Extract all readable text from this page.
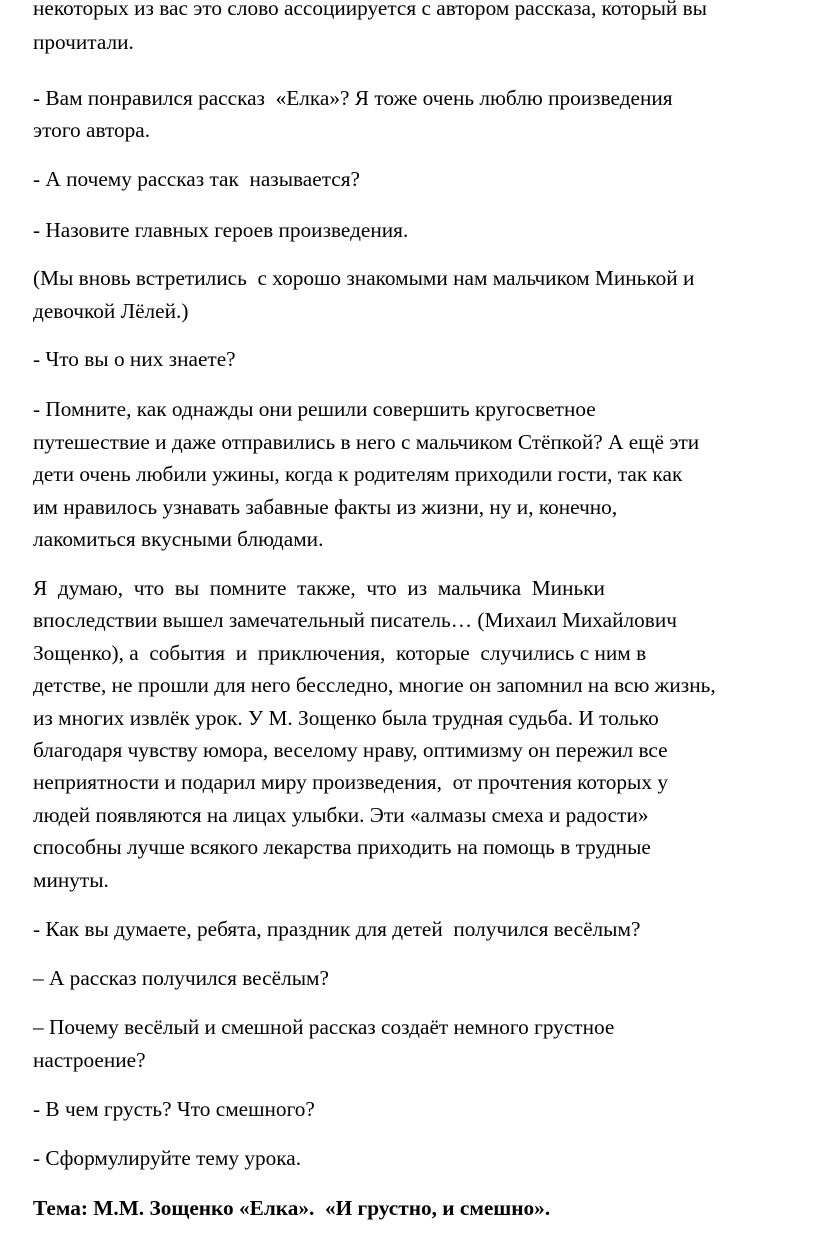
некоторых из вас это слово ассоциируется с автором рассказа, который вы
прочитали.
- Вам понравился рассказ  «Елка»? Я тоже очень люблю произведения
этого автора.
- А почему рассказ так  называется?
- Назовите главных героев произведения.
(Мы вновь встретились  с хорошо знакомыми нам мальчиком Минькой и
девочкой Лёлей.)
- Что вы о них знаете?
- Помните, как однажды они решили совершить кругосветное
путешествие и даже отправились в него с мальчиком Стёпкой? А ещё эти
дети очень любили ужины, когда к родителям приходили гости, так как
им нравилось узнавать забавные факты из жизни, ну и, конечно,
лакомиться вкусными блюдами.
Я  думаю,  что  вы  помните  также,  что  из  мальчика  Миньки
впоследствии вышел замечательный писатель… (Михаил Михайлович
Зощенко), а  события  и  приключения,  которые  случились с ним в
детстве, не прошли для него бесследно, многие он запомнил на всю жизнь,
из многих извлёк урок. У М. Зощенко была трудная судьба. И только
благодаря чувству юмора, веселому нраву, оптимизму он пережил все
неприятности и подарил миру произведения,  от прочтения которых у
людей появляются на лицах улыбки. Эти «алмазы смеха и радости»
способны лучше всякого лекарства приходить на помощь в трудные
минуты.
- Как вы думаете, ребята, праздник для детей  получился весёлым?
– А рассказ получился весёлым?
– Почему весёлый и смешной рассказ создаёт немного грустное
настроение?
- В чем грусть? Что смешного?
- Сформулируйте тему урока.
Тема: М.М. Зощенко «Елка».  «И грустно, и смешно».
